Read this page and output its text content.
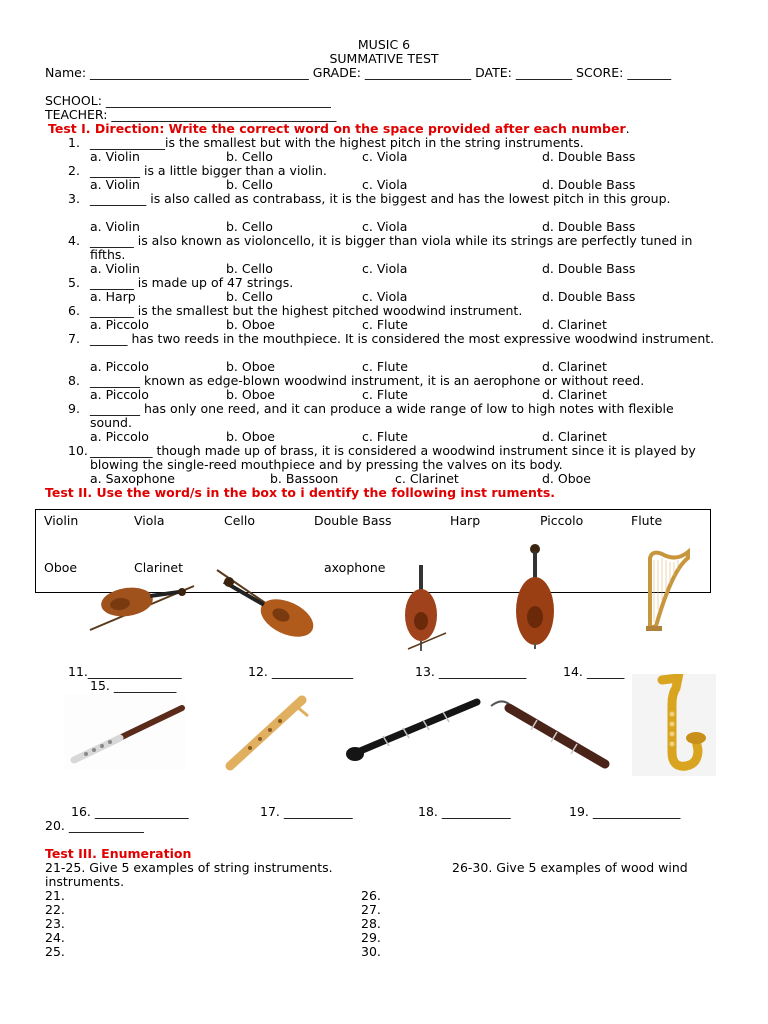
MUSIC 6
SUMMATIVE TEST
Name: ___________________________________ GRADE: _________________ DATE: _________ SCORE: _______
SCHOOL: ____________________________________
TEACHER: ____________________________________
Test I. Direction: Write the correct word on the space provided after each number.
1. ____________is the smallest but with the highest pitch in the string instruments.
a. Violin	b. Cello	c. Viola	d. Double Bass
2. ________ is a little bigger than a violin.
a. Violin	b. Cello	c. Viola	d. Double Bass
3. _________ is also called as contrabass, it is the biggest and has the lowest pitch in this group.
a. Violin	b. Cello	c. Viola	d. Double Bass
4. _______ is also known as violoncello, it is bigger than viola while its strings are perfectly tuned in fifths.
a. Violin	b. Cello	c. Viola	d. Double Bass
5. _______ is made up of 47 strings.
a. Harp	b. Cello	c. Viola	d. Double Bass
6. _______ is the smallest but the highest pitched woodwind instrument.
a. Piccolo	b. Oboe	c. Flute	d. Clarinet
7. ______ has two reeds in the mouthpiece. It is considered the most expressive woodwind instrument.
a. Piccolo	b. Oboe	c. Flute	d. Clarinet
8. ________ known as edge-blown woodwind instrument, it is an aerophone or without reed.
a. Piccolo	b. Oboe	c. Flute	d. Clarinet
9. ________ has only one reed, and it can produce a wide range of low to high notes with flexible sound.
a. Piccolo	b. Oboe	c. Flute	d. Clarinet
10. __________ though made up of brass, it is considered a woodwind instrument since it is played by blowing the single-reed mouthpiece and by pressing the valves on its body.
a. Saxophone	b. Bassoon	c. Clarinet	d. Oboe
Test II. Use the word/s in the box to i dentify the following inst ruments.
Violin	Viola	Cello	Double Bass	Harp	Piccolo	Flute
Oboe	Clarinet	axophone
11._______________	12. _____________	13. ______________	14. ______
15. __________
16. _______________	17. ___________	18. ___________	19. ______________
20. ____________
Test III. Enumeration
21-25. Give 5 examples of string instruments.	26-30. Give 5 examples of wood wind
instruments.
21.
22.
23.
24.
25.
26.
27.
28.
29.
30.
